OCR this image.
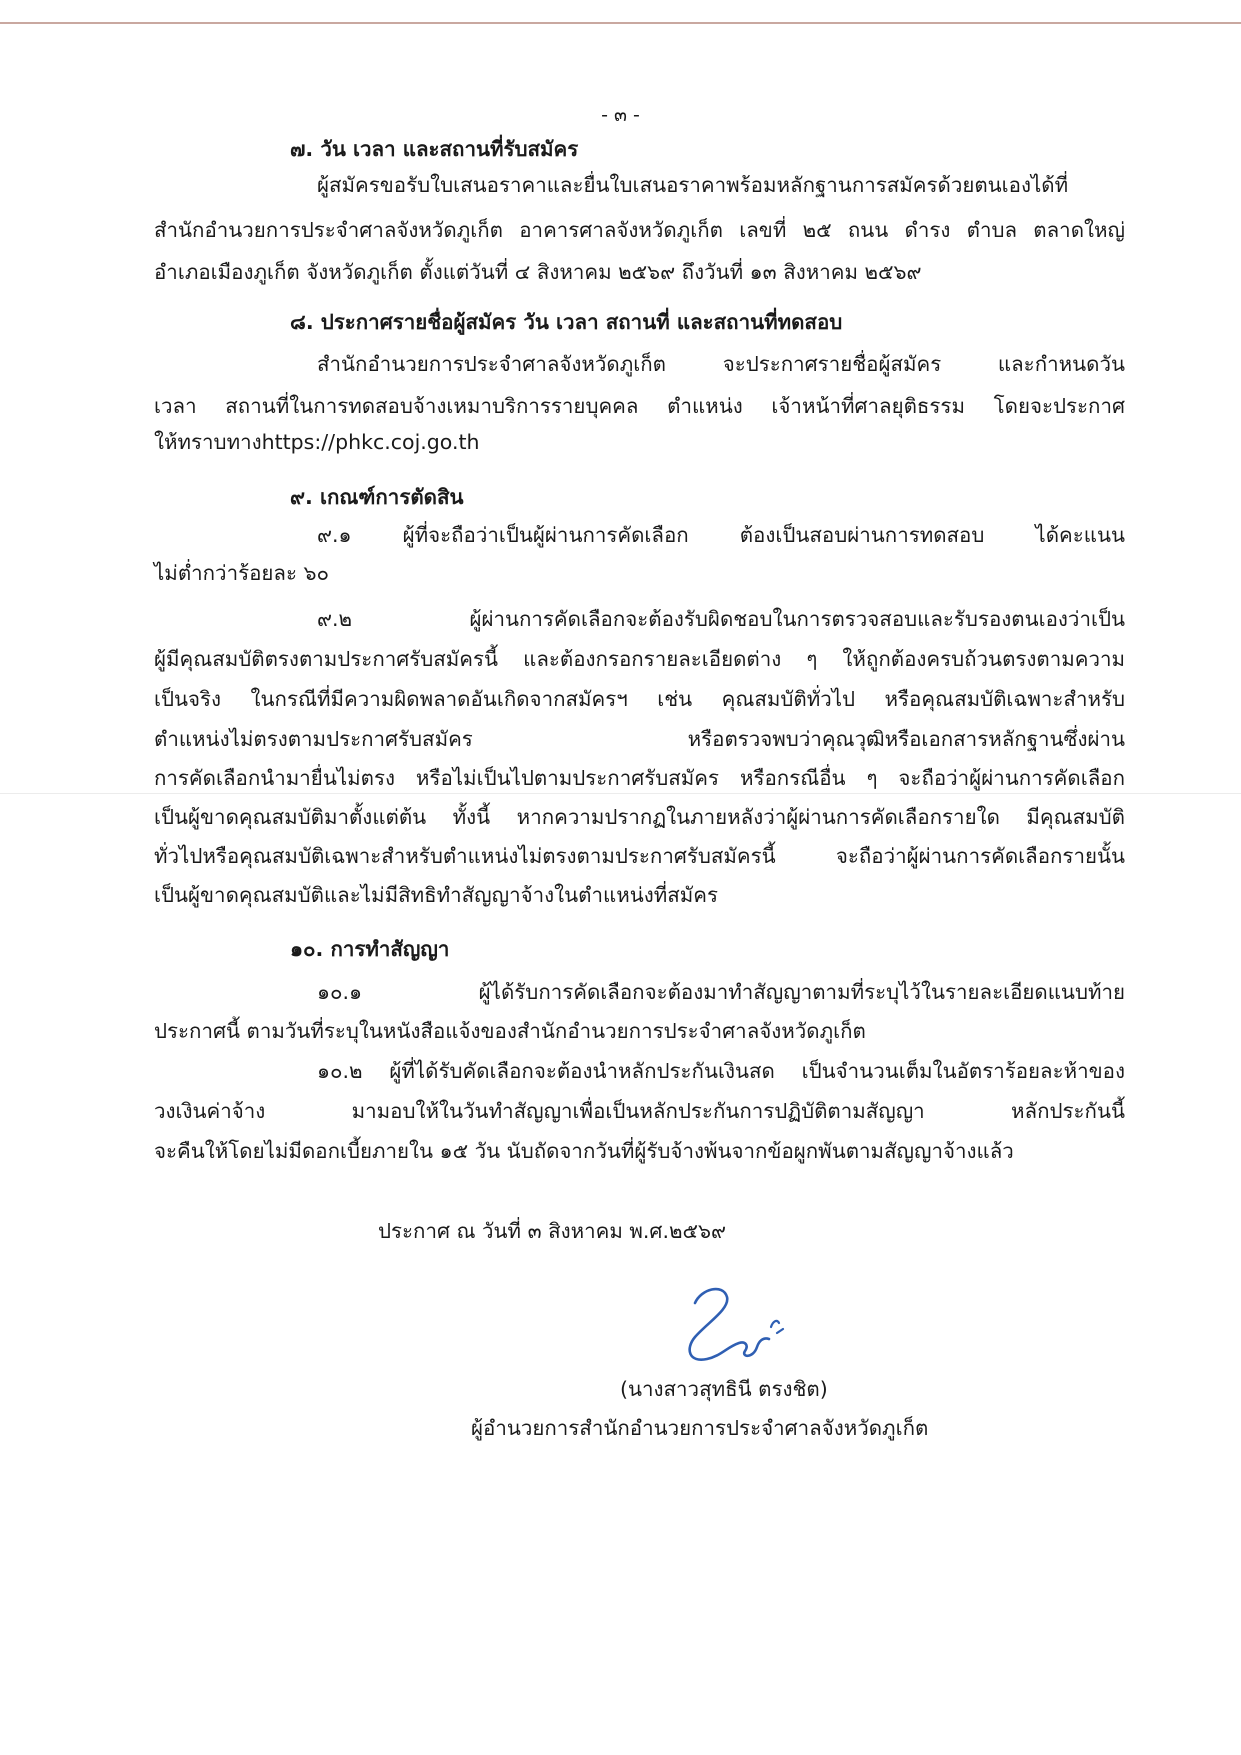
- ๓ -
๗. วัน เวลา และสถานที่รับสมัคร
ผู้สมัครขอรับใบเสนอราคาและยื่นใบเสนอราคาพร้อมหลักฐานการสมัครด้วยตนเองได้ที่
สำนักอำนวยการประจำศาลจังหวัดภูเก็ต อาคารศาลจังหวัดภูเก็ต เลขที่ ๒๕ ถนน ดำรง ตำบล ตลาดใหญ่
อำเภอเมืองภูเก็ต จังหวัดภูเก็ต ตั้งแต่วันที่ ๔ สิงหาคม ๒๕๖๙ ถึงวันที่ ๑๓ สิงหาคม ๒๕๖๙
๘. ประกาศรายชื่อผู้สมัคร วัน เวลา สถานที่ และสถานที่ทดสอบ
สำนักอำนวยการประจำศาลจังหวัดภูเก็ต จะประกาศรายชื่อผู้สมัคร และกำหนดวัน
เวลา สถานที่ในการทดสอบจ้างเหมาบริการรายบุคคล ตำแหน่ง เจ้าหน้าที่ศาลยุติธรรม โดยจะประกาศ
ให้ทราบทางhttps://phkc.coj.go.th
๙. เกณฑ์การตัดสิน
๙.๑ ผู้ที่จะถือว่าเป็นผู้ผ่านการคัดเลือก ต้องเป็นสอบผ่านการทดสอบ ได้คะแนน
ไม่ต่ำกว่าร้อยละ ๖๐
๙.๒ ผู้ผ่านการคัดเลือกจะต้องรับผิดชอบในการตรวจสอบและรับรองตนเองว่าเป็น
ผู้มีคุณสมบัติตรงตามประกาศรับสมัครนี้ และต้องกรอกรายละเอียดต่าง ๆ ให้ถูกต้องครบถ้วนตรงตามความ
เป็นจริง ในกรณีที่มีความผิดพลาดอันเกิดจากสมัครฯ เช่น คุณสมบัติทั่วไป หรือคุณสมบัติเฉพาะสำหรับ
ตำแหน่งไม่ตรงตามประกาศรับสมัคร หรือตรวจพบว่าคุณวุฒิหรือเอกสารหลักฐานซึ่งผ่าน
การคัดเลือกนำมายื่นไม่ตรง หรือไม่เป็นไปตามประกาศรับสมัคร หรือกรณีอื่น ๆ จะถือว่าผู้ผ่านการคัดเลือก
เป็นผู้ขาดคุณสมบัติมาตั้งแต่ต้น ทั้งนี้ หากความปรากฏในภายหลังว่าผู้ผ่านการคัดเลือกรายใด มีคุณสมบัติ
ทั่วไปหรือคุณสมบัติเฉพาะสำหรับตำแหน่งไม่ตรงตามประกาศรับสมัครนี้ จะถือว่าผู้ผ่านการคัดเลือกรายนั้น
เป็นผู้ขาดคุณสมบัติและไม่มีสิทธิทำสัญญาจ้างในตำแหน่งที่สมัคร
๑๐. การทำสัญญา
๑๐.๑ ผู้ได้รับการคัดเลือกจะต้องมาทำสัญญาตามที่ระบุไว้ในรายละเอียดแนบท้าย
ประกาศนี้ ตามวันที่ระบุในหนังสือแจ้งของสำนักอำนวยการประจำศาลจังหวัดภูเก็ต
๑๐.๒ ผู้ที่ได้รับคัดเลือกจะต้องนำหลักประกันเงินสด เป็นจำนวนเต็มในอัตราร้อยละห้าของ
วงเงินค่าจ้าง มามอบให้ในวันทำสัญญาเพื่อเป็นหลักประกันการปฏิบัติตามสัญญา หลักประกันนี้
จะคืนให้โดยไม่มีดอกเบี้ยภายใน ๑๕ วัน นับถัดจากวันที่ผู้รับจ้างพ้นจากข้อผูกพันตามสัญญาจ้างแล้ว
ประกาศ ณ วันที่ ๓ สิงหาคม พ.ศ.๒๕๖๙
(นางสาวสุทธินี ตรงชิต)
ผู้อำนวยการสำนักอำนวยการประจำศาลจังหวัดภูเก็ต
